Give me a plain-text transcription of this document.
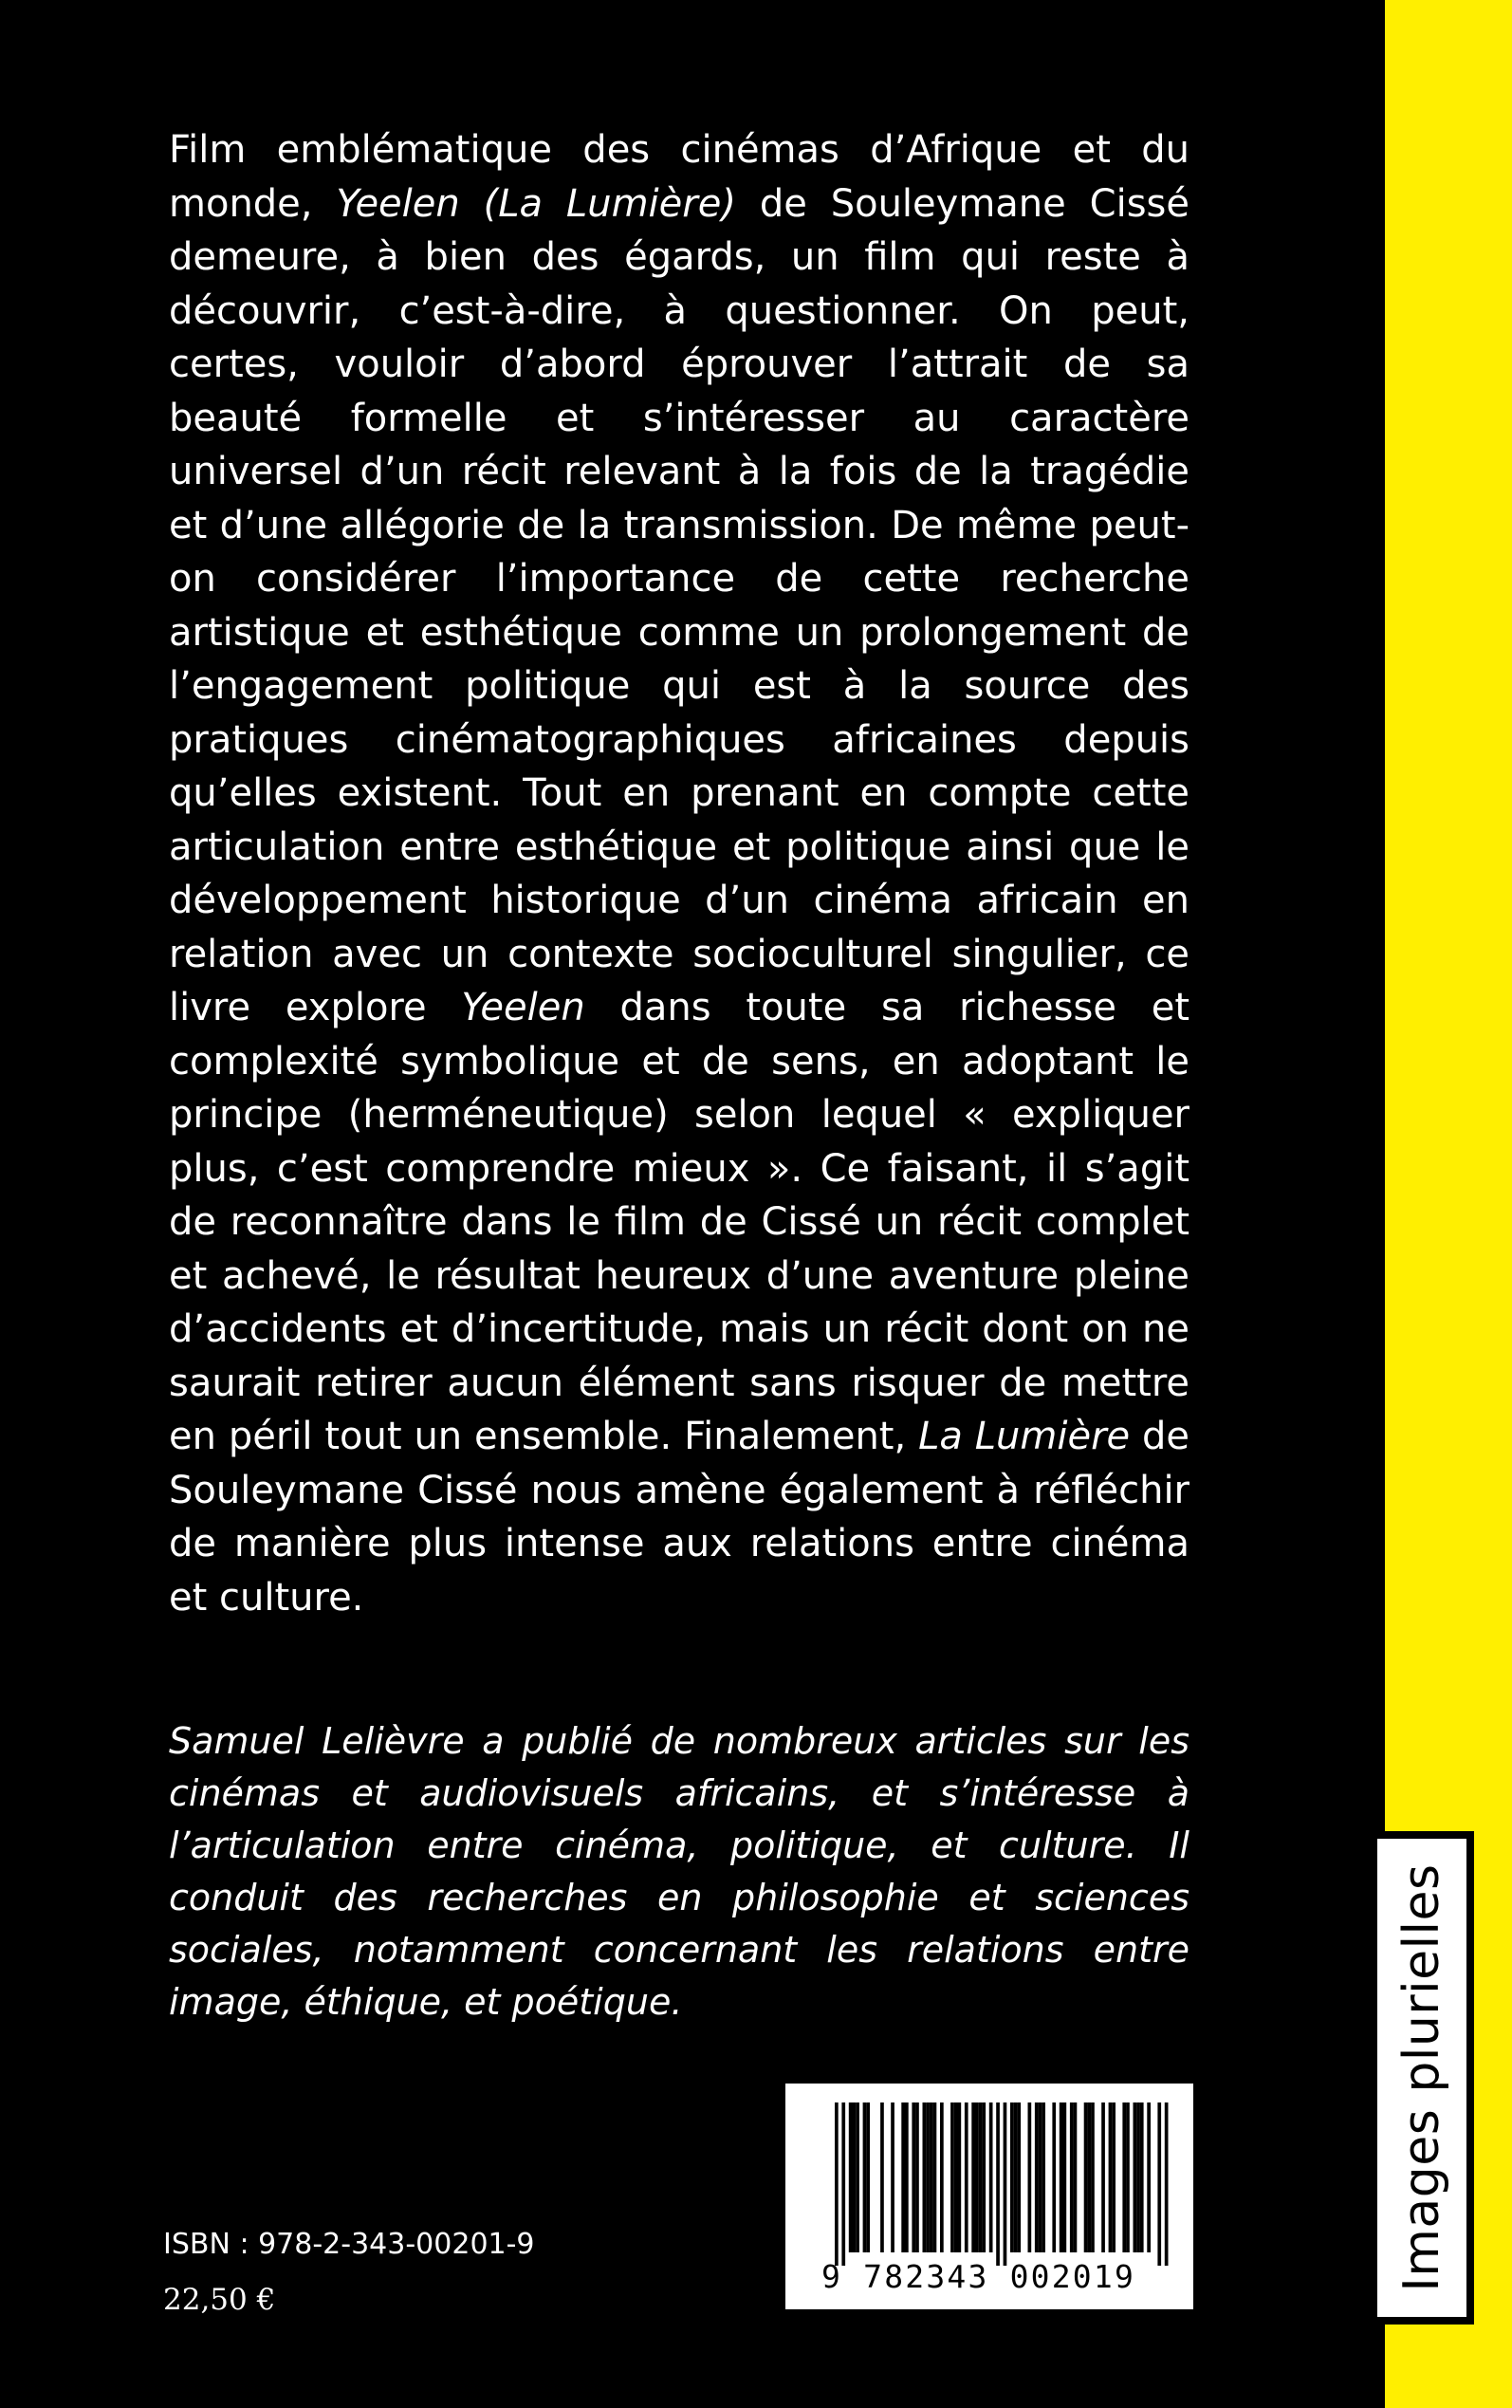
Images plurielles

Film emblématique des cinémas d’Afrique et du monde, Yeelen (La Lumière) de Souleymane Cissé demeure, à bien des égards, un film qui reste à découvrir, c’est-à-dire, à questionner. On peut, certes, vouloir d’abord éprouver l’attrait de sa beauté formelle et s’intéresser au caractère universel d’un récit relevant à la fois de la tragédie et d’une allégorie de la transmission. De même peut-on considérer l’importance de cette recherche artistique et esthétique comme un prolongement de l’engagement politique qui est à la source des pratiques cinématographiques africaines depuis qu’elles existent. Tout en prenant en compte cette articulation entre esthétique et politique ainsi que le développement historique d’un cinéma africain en relation avec un contexte socioculturel singulier, ce livre explore Yeelen dans toute sa richesse et complexité symbolique et de sens, en adoptant le principe (herméneutique) selon lequel « expliquer plus, c’est comprendre mieux ». Ce faisant, il s’agit de reconnaître dans le film de Cissé un récit complet et achevé, le résultat heureux d’une aventure pleine d’accidents et d’incertitude, mais un récit dont on ne saurait retirer aucun élément sans risquer de mettre en péril tout un ensemble. Finalement, La Lumière de Souleymane Cissé nous amène également à réfléchir de manière plus intense aux relations entre cinéma et culture.

Samuel Lelièvre a publié de nombreux articles sur les cinémas et audiovisuels africains, et s’intéresse à l’articulation entre cinéma, politique, et culture. Il conduit des recherches en philosophie et sciences sociales, notamment concernant les relations entre image, éthique, et poétique.

9 782343 002019
ISBN : 978-2-343-00201-9
22,50 €
